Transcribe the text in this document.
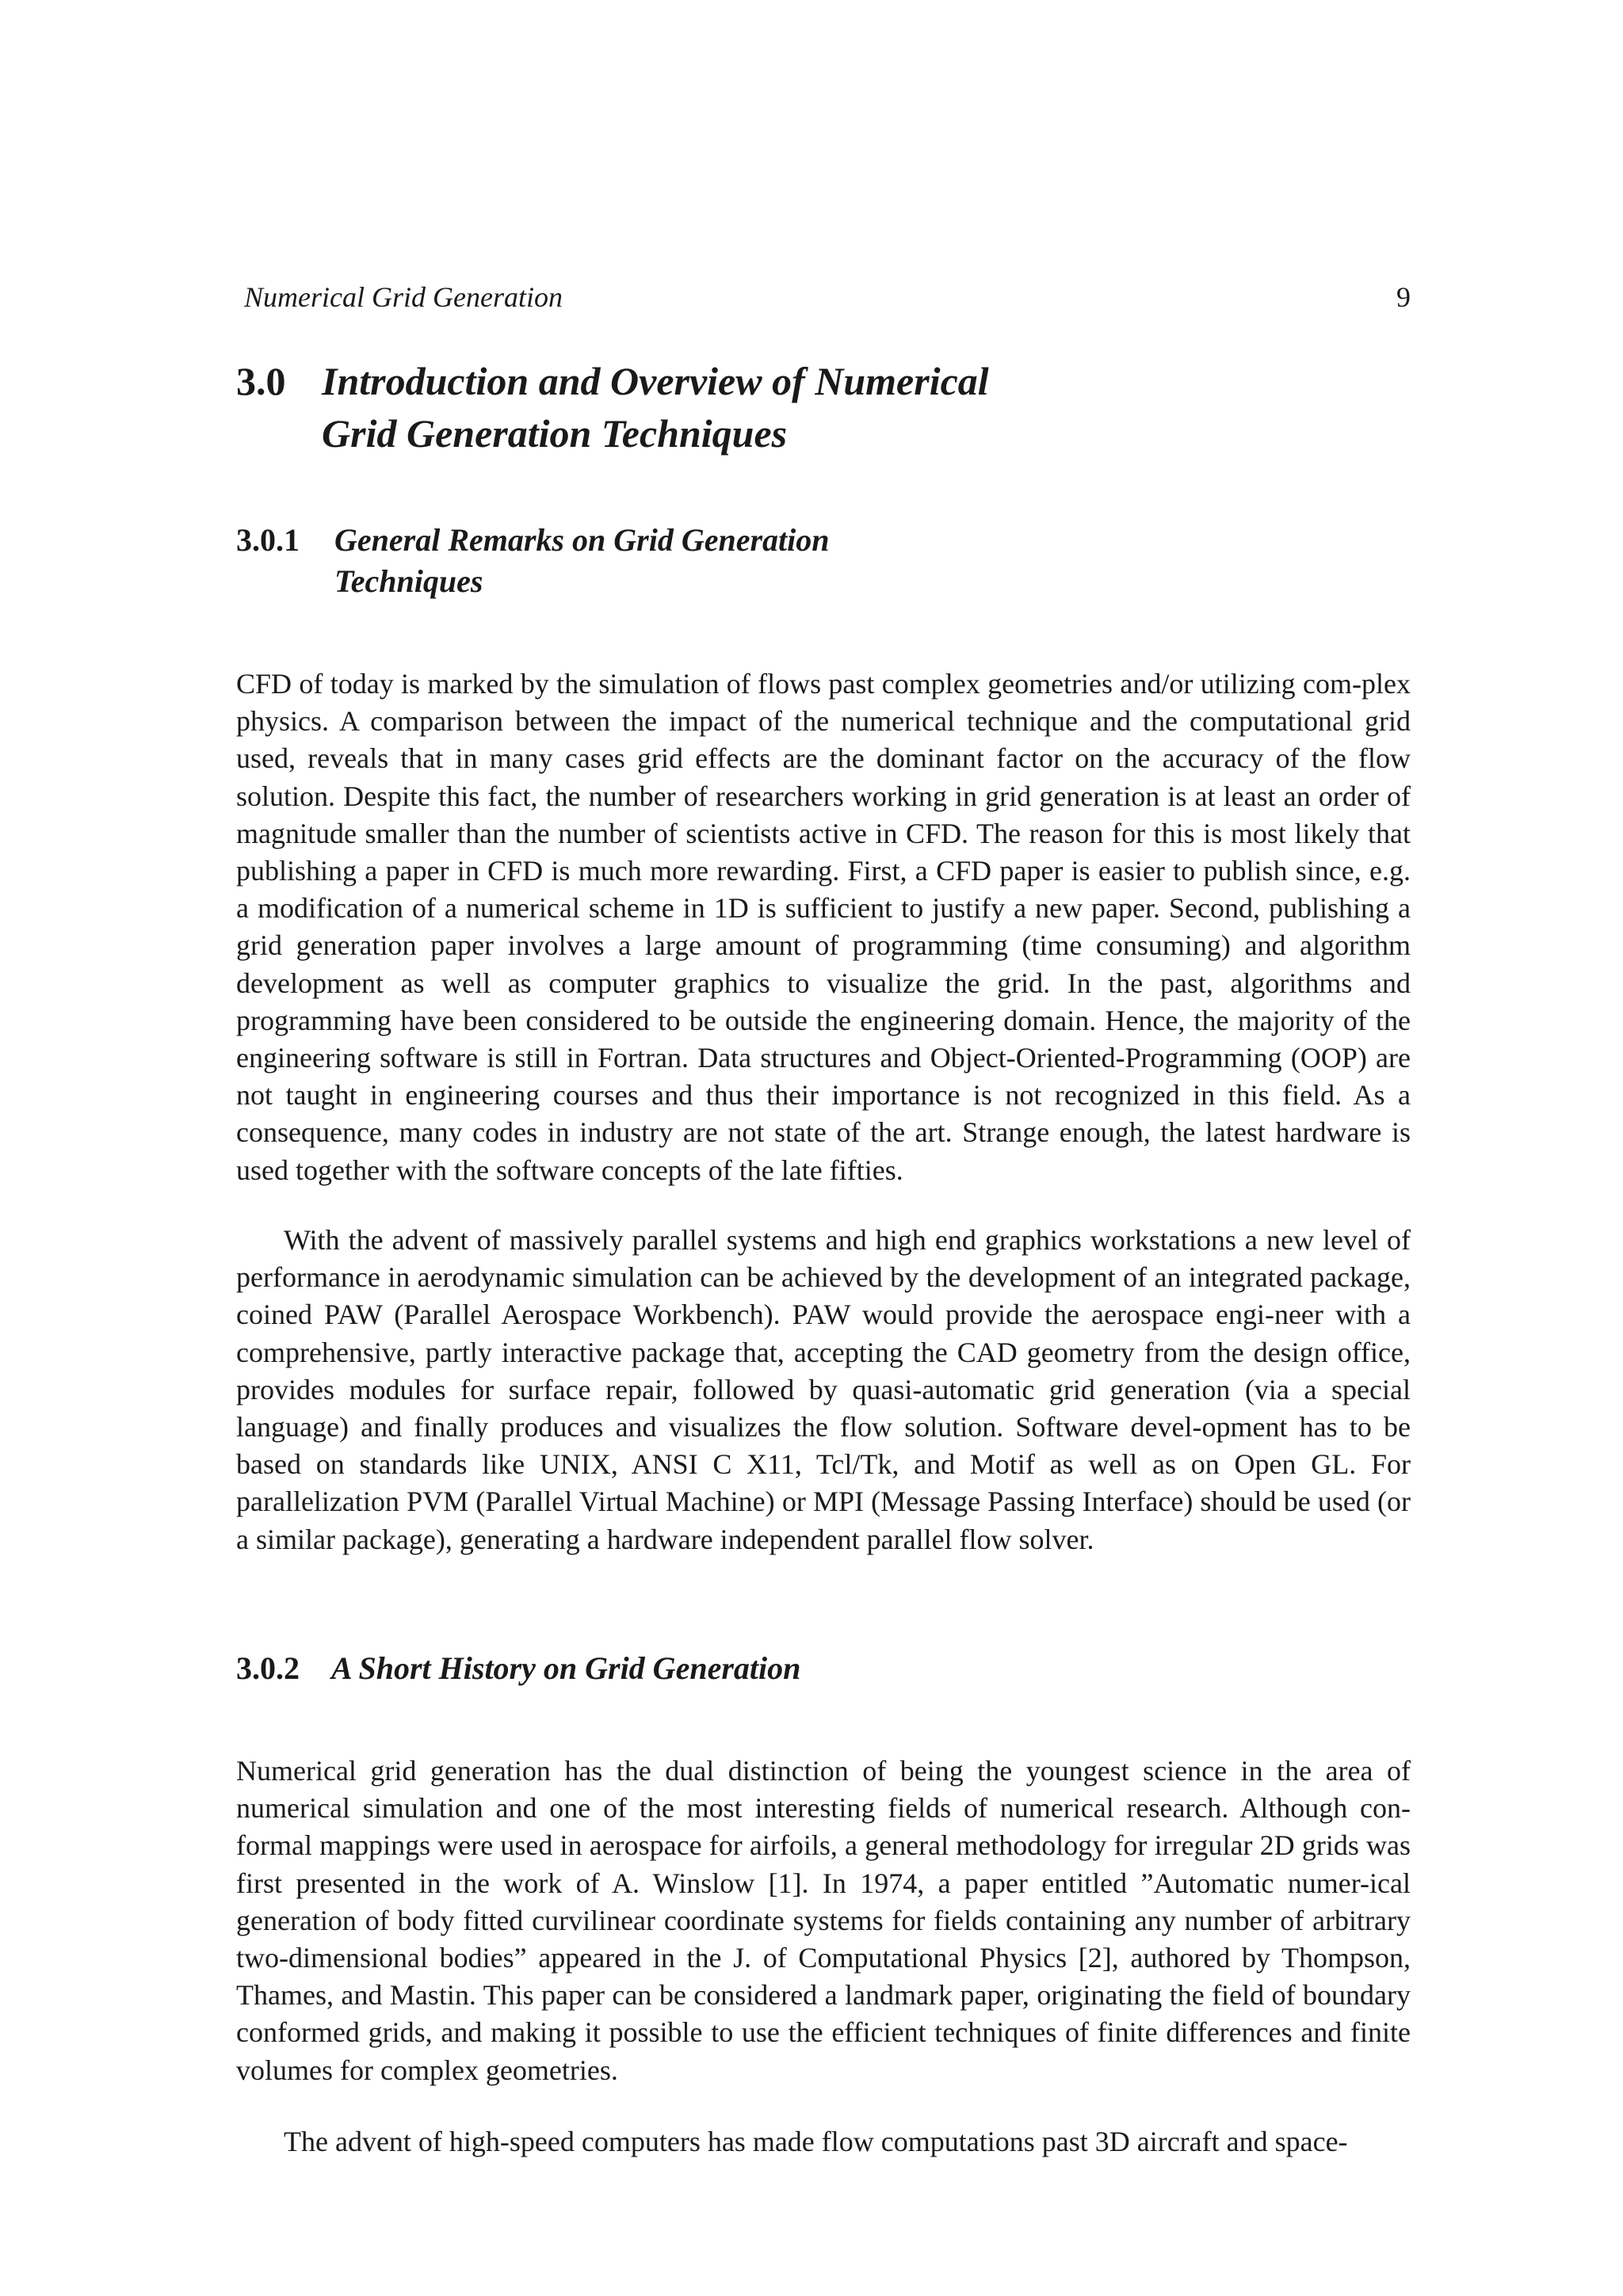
Numerical Grid Generation	9
3.0 Introduction and Overview of Numerical
Grid Generation Techniques
3.0.1 General Remarks on Grid Generation
Techniques

CFD of today is marked by the simulation of flows past complex geometries and/or utilizing com-plex physics. A comparison between the impact of the numerical technique and the computational grid used, reveals that in many cases grid effects are the dominant factor on the accuracy of the flow solution. Despite this fact, the number of researchers working in grid generation is at least an order of magnitude smaller than the number of scientists active in CFD. The reason for this is most likely that publishing a paper in CFD is much more rewarding. First, a CFD paper is easier to publish since, e.g. a modification of a numerical scheme in 1D is sufficient to justify a new paper. Second, publishing a grid generation paper involves a large amount of programming (time consuming) and algorithm development as well as computer graphics to visualize the grid. In the past, algorithms and programming have been considered to be outside the engineering domain. Hence, the majority of the engineering software is still in Fortran. Data structures and Object-Oriented-Programming (OOP) are not taught in engineering courses and thus their importance is not recognized in this field. As a consequence, many codes in industry are not state of the art. Strange enough, the latest hardware is used together with the software concepts of the late fifties.

With the advent of massively parallel systems and high end graphics workstations a new level of performance in aerodynamic simulation can be achieved by the development of an integrated package, coined PAW (Parallel Aerospace Workbench). PAW would provide the aerospace engi-neer with a comprehensive, partly interactive package that, accepting the CAD geometry from the design office, provides modules for surface repair, followed by quasi-automatic grid generation (via a special language) and finally produces and visualizes the flow solution. Software devel-opment has to be based on standards like UNIX, ANSI C X11, Tcl/Tk, and Motif as well as on Open GL. For parallelization PVM (Parallel Virtual Machine) or MPI (Message Passing Interface) should be used (or a similar package), generating a hardware independent parallel flow solver.

3.0.2 A Short History on Grid Generation

Numerical grid generation has the dual distinction of being the youngest science in the area of numerical simulation and one of the most interesting fields of numerical research. Although con-formal mappings were used in aerospace for airfoils, a general methodology for irregular 2D grids was first presented in the work of A. Winslow [1]. In 1974, a paper entitled ”Automatic numer-ical generation of body fitted curvilinear coordinate systems for fields containing any number of arbitrary two-dimensional bodies” appeared in the J. of Computational Physics [2], authored by Thompson, Thames, and Mastin. This paper can be considered a landmark paper, originating the field of boundary conformed grids, and making it possible to use the efficient techniques of finite differences and finite volumes for complex geometries.

The advent of high-speed computers has made flow computations past 3D aircraft and space-
